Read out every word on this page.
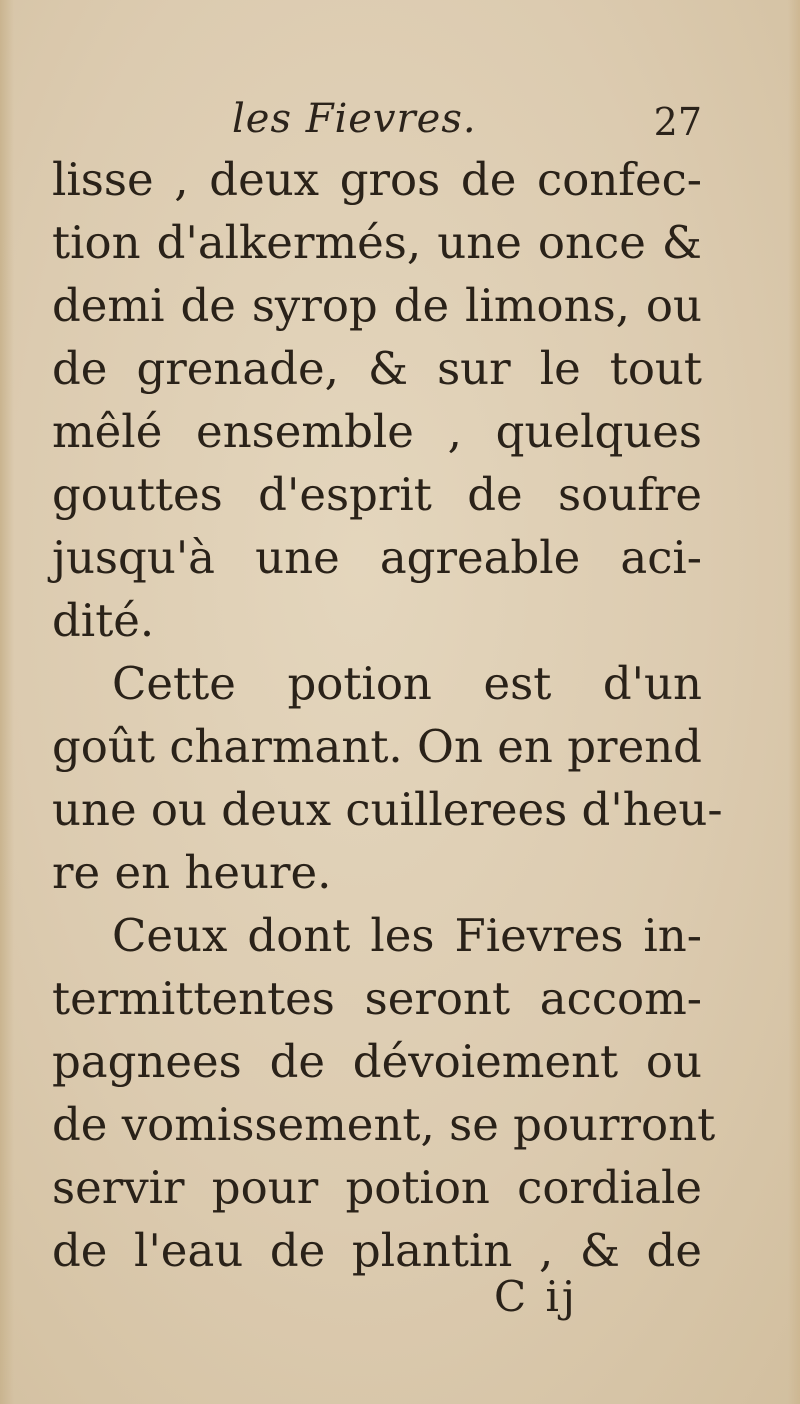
les Fievres.	27
lisse , deux gros de confec-
tion d'alkermés, une once &
demi de syrop de limons, ou
de grenade, & sur le tout
mêlé ensemble , quelques
gouttes d'esprit de soufre
jusqu'à une agreable aci-
dité.
Cette potion est d'un
goût charmant. On en prend
une ou deux cuillerees d'heu-
re en heure.
Ceux dont les Fievres in-
termittentes seront accom-
pagnees de dévoiement ou
de vomissement, se pourront
servir pour potion cordiale
de l'eau de plantin , & de
C ij
